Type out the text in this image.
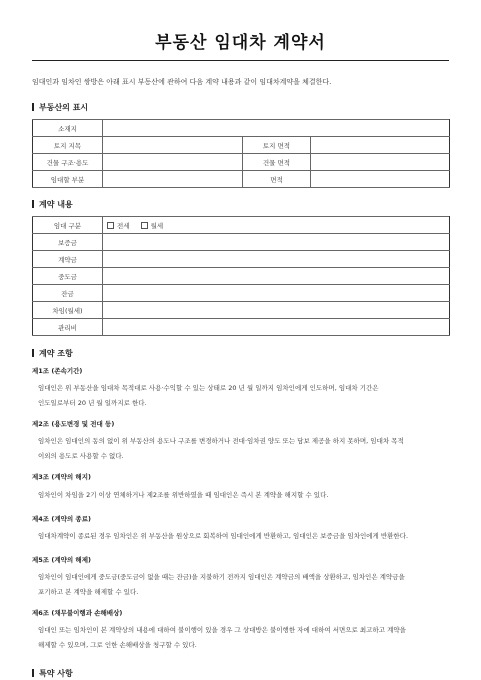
부동산 임대차 계약서
임대인과 임차인 쌍방은 아래 표시 부동산에 관하여 다음 계약 내용과 같이 임대차계약을 체결한다.
부동산의 표시
소재지			
토지 지목		토지 면적	
건물 구조·용도		건물 면적	
임대할 부분		면적	
계약 내용
임대 구분	전세 월세
보증금	
계약금	
중도금	
잔금	
차임(월세)	
관리비	
계약 조항
제1조 (존속기간)
임대인은 위 부동산을 임대차 목적대로 사용·수익할 수 있는 상태로 20 년 월 일까지 임차인에게 인도하며, 임대차 기간은
인도일로부터 20 년 월 일까지로 한다.
제2조 (용도변경 및 전대 등)
임차인은 임대인의 동의 없이 위 부동산의 용도나 구조를 변경하거나 전대·임차권 양도 또는 담보 제공을 하지 못하며, 임대차 목적
이외의 용도로 사용할 수 없다.
제3조 (계약의 해지)
임차인이 차임을 2기 이상 연체하거나 제2조를 위반하였을 때 임대인은 즉시 본 계약을 해지할 수 있다.
제4조 (계약의 종료)
임대차계약이 종료된 경우 임차인은 위 부동산을 원상으로 회복하여 임대인에게 반환하고, 임대인은 보증금을 임차인에게 반환한다.
제5조 (계약의 해제)
임차인이 임대인에게 중도금(중도금이 없을 때는 잔금)을 지불하기 전까지 임대인은 계약금의 배액을 상환하고, 임차인은 계약금을
포기하고 본 계약을 해제할 수 있다.
제6조 (채무불이행과 손해배상)
임대인 또는 임차인이 본 계약상의 내용에 대하여 불이행이 있을 경우 그 상대방은 불이행한 자에 대하여 서면으로 최고하고 계약을
해제할 수 있으며, 그로 인한 손해배상을 청구할 수 있다.
특약 사항
